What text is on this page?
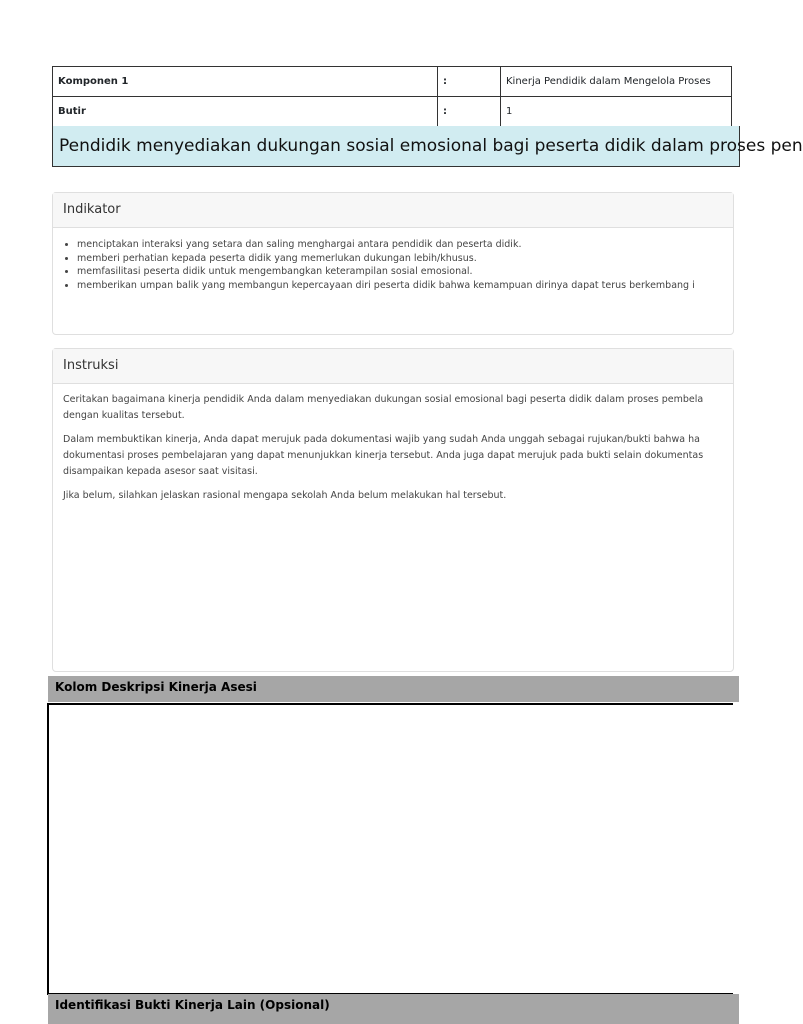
Komponen 1	:	Kinerja Pendidik dalam Mengelola Proses
Butir	:	1
Pendidik menyediakan dukungan sosial emosional bagi peserta didik dalam proses pen
Indikator
• menciptakan interaksi yang setara dan saling menghargai antara pendidik dan peserta didik.
• memberi perhatian kepada peserta didik yang memerlukan dukungan lebih/khusus.
• memfasilitasi peserta didik untuk mengembangkan keterampilan sosial emosional.
• memberikan umpan balik yang membangun kepercayaan diri peserta didik bahwa kemampuan dirinya dapat terus berkembang i
Instruksi

Ceritakan bagaimana kinerja pendidik Anda dalam menyediakan dukungan sosial emosional bagi peserta didik dalam proses pembela
dengan kualitas tersebut.

Dalam membuktikan kinerja, Anda dapat merujuk pada dokumentasi wajib yang sudah Anda unggah sebagai rujukan/bukti bahwa ha
dokumentasi proses pembelajaran yang dapat menunjukkan kinerja tersebut. Anda juga dapat merujuk pada bukti selain dokumentas
disampaikan kepada asesor saat visitasi.

Jika belum, silahkan jelaskan rasional mengapa sekolah Anda belum melakukan hal tersebut.

Kolom Deskripsi Kinerja Asesi
Identifikasi Bukti Kinerja Lain (Opsional)
